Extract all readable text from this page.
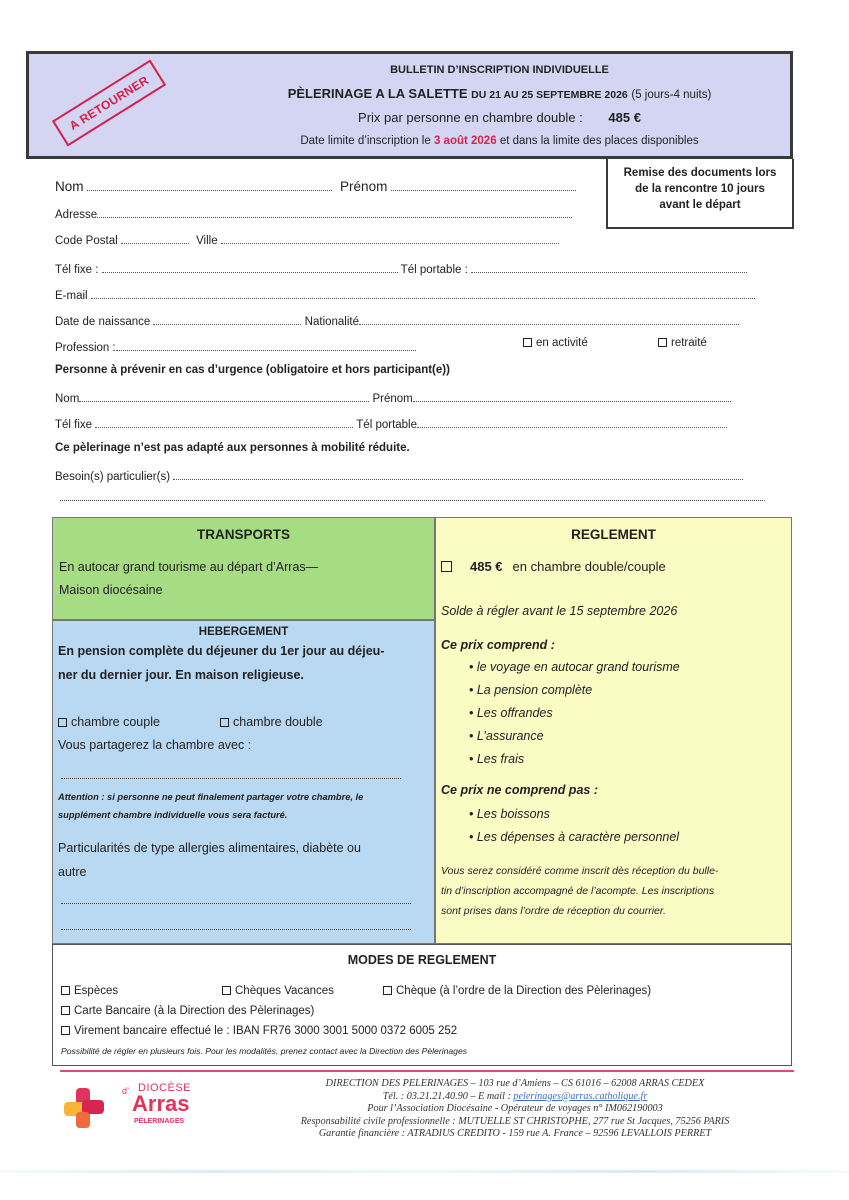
BULLETIN D’INSCRIPTION INDIVIDUELLE
PÈLERINAGE A LA SALETTE DU 21 AU 25 SEPTEMBRE 2026 (5 jours-4 nuits)
Prix par personne en chambre double : 485 €
Date limite d’inscription le 3 août 2026 et dans la limite des places disponibles
A RETOURNER
Remise des documents lors
de la rencontre 10 jours
avant le départ
Nom	Prénom
Adresse
Code Postal	Ville
Tél fixe :	Tél portable :
E-mail
Date de naissance	Nationalité
Profession :	en activité	retraité
Personne à prévenir en cas d’urgence (obligatoire et hors participant(e))
Nom	Prénom
Tél fixe	Tél portable
Ce pèlerinage n’est pas adapté aux personnes à mobilité réduite.
Besoin(s) particulier(s)
TRANSPORTS
En autocar grand tourisme au départ d’Arras—
Maison diocésaine
HEBERGEMENT
En pension complète du déjeuner du 1er jour au déjeu-
ner du dernier jour. En maison religieuse.
chambre couple	chambre double
Vous partagerez la chambre avec :
Attention : si personne ne peut finalement partager votre chambre, le
supplément chambre individuelle vous sera facturé.
Particularités de type allergies alimentaires, diabète ou
autre
REGLEMENT
485 € en chambre double/couple
Solde à régler avant le 15 septembre 2026
Ce prix comprend :
• le voyage en autocar grand tourisme
• La pension complète
• Les offrandes
• L’assurance
• Les frais
Ce prix ne comprend pas :
• Les boissons
• Les dépenses à caractère personnel
Vous serez considéré comme inscrit dès réception du bulle-
tin d’inscription accompagné de l’acompte. Les inscriptions
sont prises dans l’ordre de réception du courrier.
MODES DE REGLEMENT
Espèces	Chèques Vacances	Chèque (à l’ordre de la Direction des Pèlerinages)
Carte Bancaire (à la Direction des Pèlerinages)
Virement bancaire effectué le : IBAN FR76 3000 3001 5000 0372 6005 252
Possibilité de régler en plusieurs fois. Pour les modalités, prenez contact avec la Direction des Pèlerinages
DIOCÈSE
d’ Arras
PÈLERINAGES
DIRECTION DES PELERINAGES – 103 rue d’Amiens – CS 61016 – 62008 ARRAS CEDEX
Tél. : 03.21.21.40.90 – E mail : pelerinages@arras.catholique.fr
Pour l’Association Diocésaine - Opérateur de voyages n° IM062190003
Responsabilité civile professionnelle : MUTUELLE ST CHRISTOPHE, 277 rue St Jacques, 75256 PARIS
Garantie financière : ATRADIUS CREDITO - 159 rue A. France – 92596 LEVALLOIS PERRET
